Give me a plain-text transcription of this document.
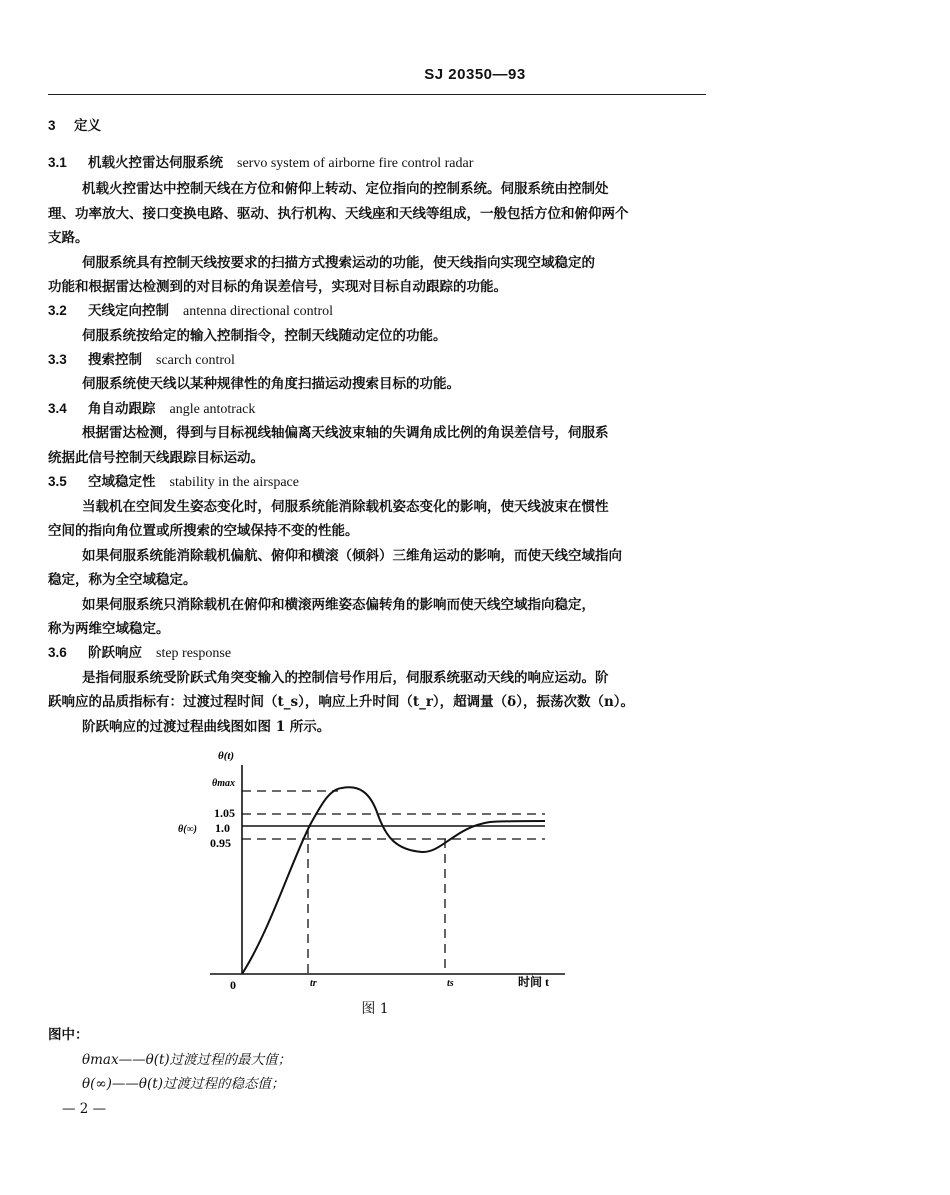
SJ 20350—93
3 定义
3.1 机载火控雷达伺服系统 servo system of airborne fire control radar
机载火控雷达中控制天线在方位和俯仰上转动、定位指向的控制系统。伺服系统由控制处
理、功率放大、接口变换电路、驱动、执行机构、天线座和天线等组成，一般包括方位和俯仰两个
支路。
伺服系统具有控制天线按要求的扫描方式搜索运动的功能，使天线指向实现空域稳定的
功能和根据雷达检测到的对目标的角误差信号，实现对目标自动跟踪的功能。
3.2 天线定向控制 antenna directional control
伺服系统按给定的输入控制指令，控制天线随动定位的功能。
3.3 搜索控制 scarch control
伺服系统使天线以某种规律性的角度扫描运动搜索目标的功能。
3.4 角自动跟踪 angle antotrack
根据雷达检测，得到与目标视线轴偏离天线波束轴的失调角成比例的角误差信号，伺服系
统据此信号控制天线跟踪目标运动。
3.5 空域稳定性 stability in the airspace
当载机在空间发生姿态变化时，伺服系统能消除载机姿态变化的影响，使天线波束在惯性
空间的指向角位置或所搜索的空域保持不变的性能。
如果伺服系统能消除载机偏航、俯仰和横滚（倾斜）三维角运动的影响，而使天线空域指向
稳定，称为全空域稳定。
如果伺服系统只消除载机在俯仰和横滚两维姿态偏转角的影响而使天线空域指向稳定，
称为两维空域稳定。
3.6 阶跃响应 step response
是指伺服系统受阶跃式角突变输入的控制信号作用后，伺服系统驱动天线的响应运动。阶
跃响应的品质指标有：过渡过程时间（t_s），响应上升时间（t_r），超调量（δ），振荡次数（n）。
阶跃响应的过渡过程曲线图如图 1 所示。
θ(t)
θmax
1.05
θ(∞) 1.0
0.95
0	tr	ts	时间 t
图 1
图中：
θmax——θ(t)过渡过程的最大值；
θ(∞)——θ(t)过渡过程的稳态值；
— 2 —
